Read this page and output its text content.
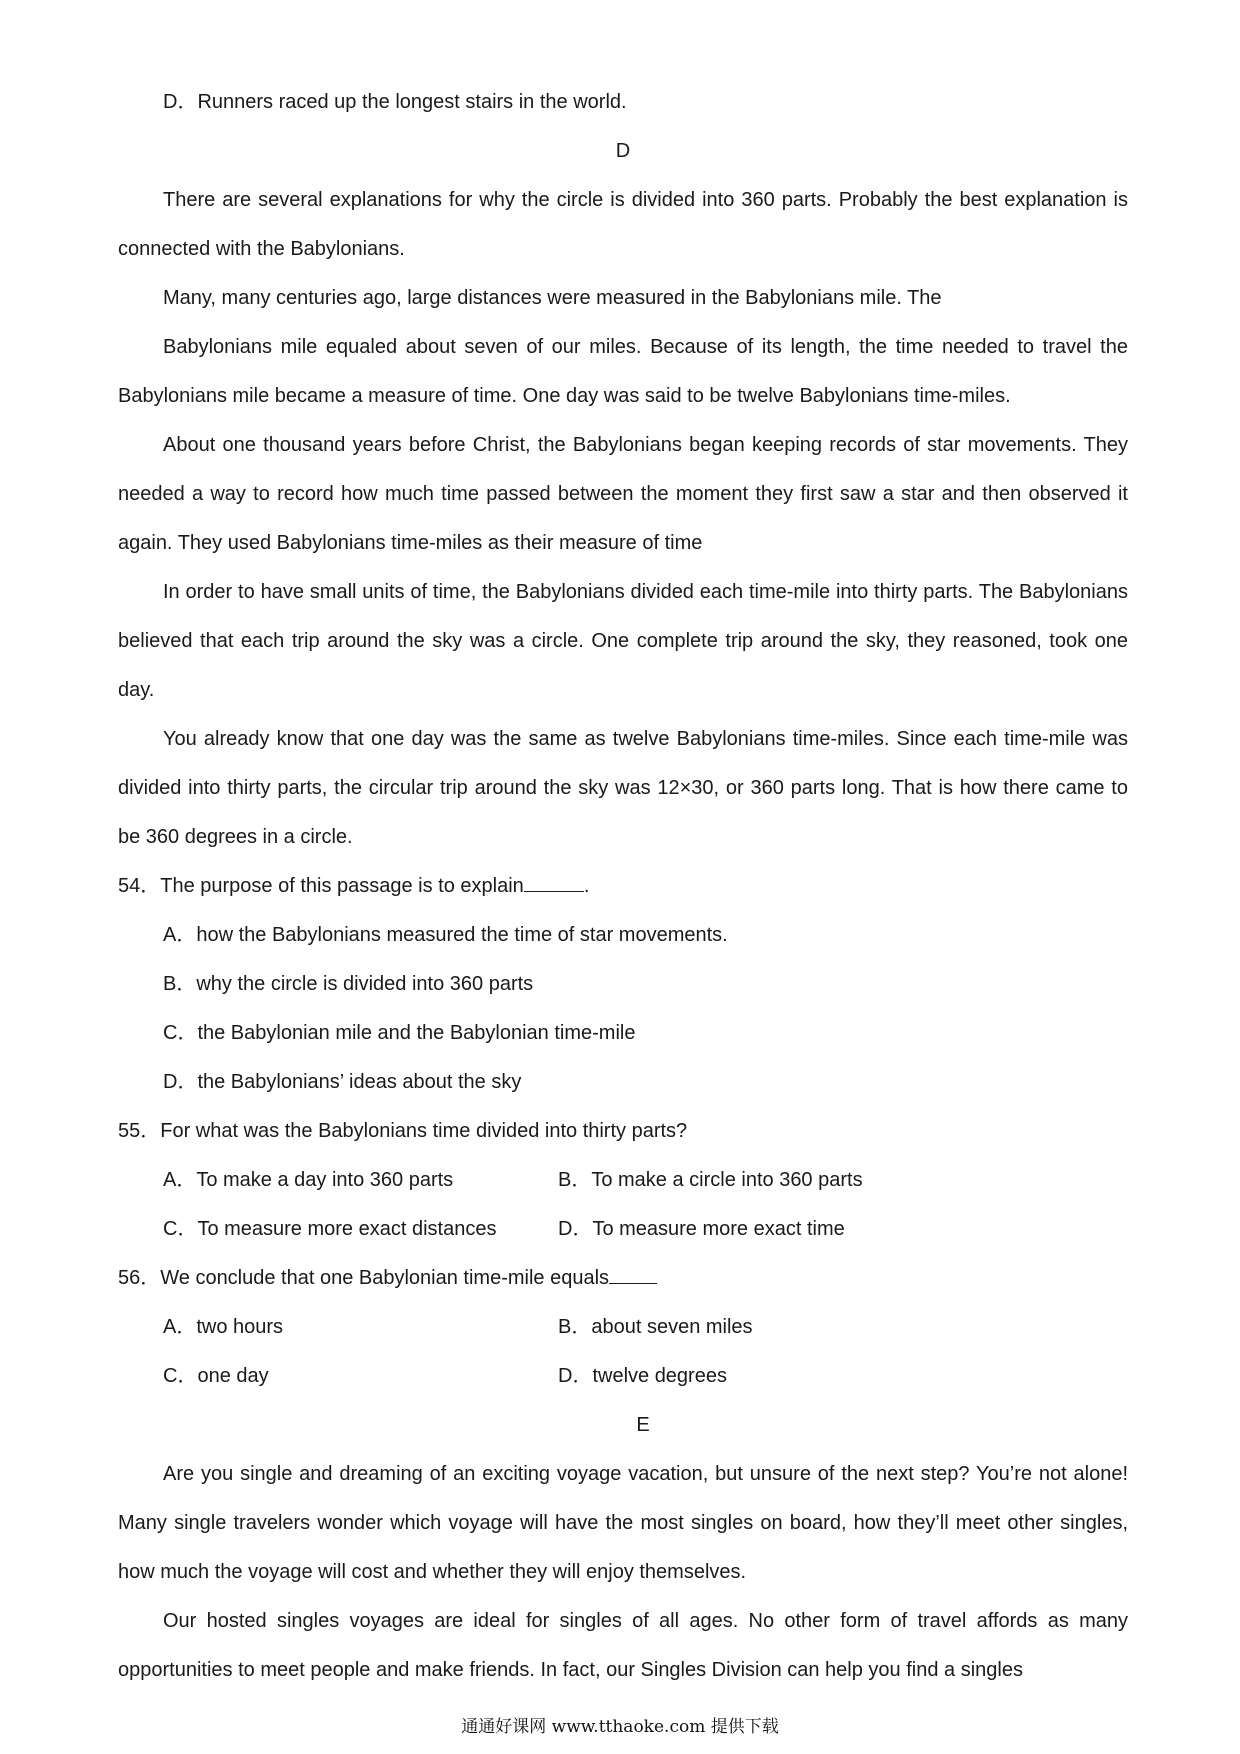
D．Runners raced up the longest stairs in the world.
D

There are several explanations for why the circle is divided into 360 parts. Probably the best explanation is connected with the Babylonians.

Many, many centuries ago, large distances were measured in the Babylonians mile. The

Babylonians mile equaled about seven of our miles. Because of its length, the time needed to travel the Babylonians mile became a measure of time. One day was said to be twelve Babylonians time-miles.

About one thousand years before Christ, the Babylonians began keeping records of star movements. They needed a way to record how much time passed between the moment they first saw a star and then observed it again. They used Babylonians time-miles as their measure of time

In order to have small units of time, the Babylonians divided each time-mile into thirty parts. The Babylonians believed that each trip around the sky was a circle. One complete trip around the sky, they reasoned, took one day.

You already know that one day was the same as twelve Babylonians time-miles. Since each time-mile was divided into thirty parts, the circular trip around the sky was 12×30, or 360 parts long. That is how there came to be 360 degrees in a circle.

54．The purpose of this passage is to explain	.
A．how the Babylonians measured the time of star movements.
B．why the circle is divided into 360 parts
C．the Babylonian mile and the Babylonian time-mile
D．the Babylonians’ ideas about the sky
55．For what was the Babylonians time divided into thirty parts?
A．To make a day into 360 parts	B．To make a circle into 360 parts
C．To measure more exact distances	D．To measure more exact time
56．We conclude that one Babylonian time-mile equals
A．two hours	B．about seven miles
C．one day	D．twelve degrees
E

Are you single and dreaming of an exciting voyage vacation, but unsure of the next step? You’re not alone! Many single travelers wonder which voyage will have the most singles on board, how they’ll meet other singles, how much the voyage will cost and whether they will enjoy themselves.

Our hosted singles voyages are ideal for singles of all ages. No other form of travel affords as many opportunities to meet people and make friends. In fact, our Singles Division can help you find a singles

通通好课网 www.tthaoke.com 提供下载
